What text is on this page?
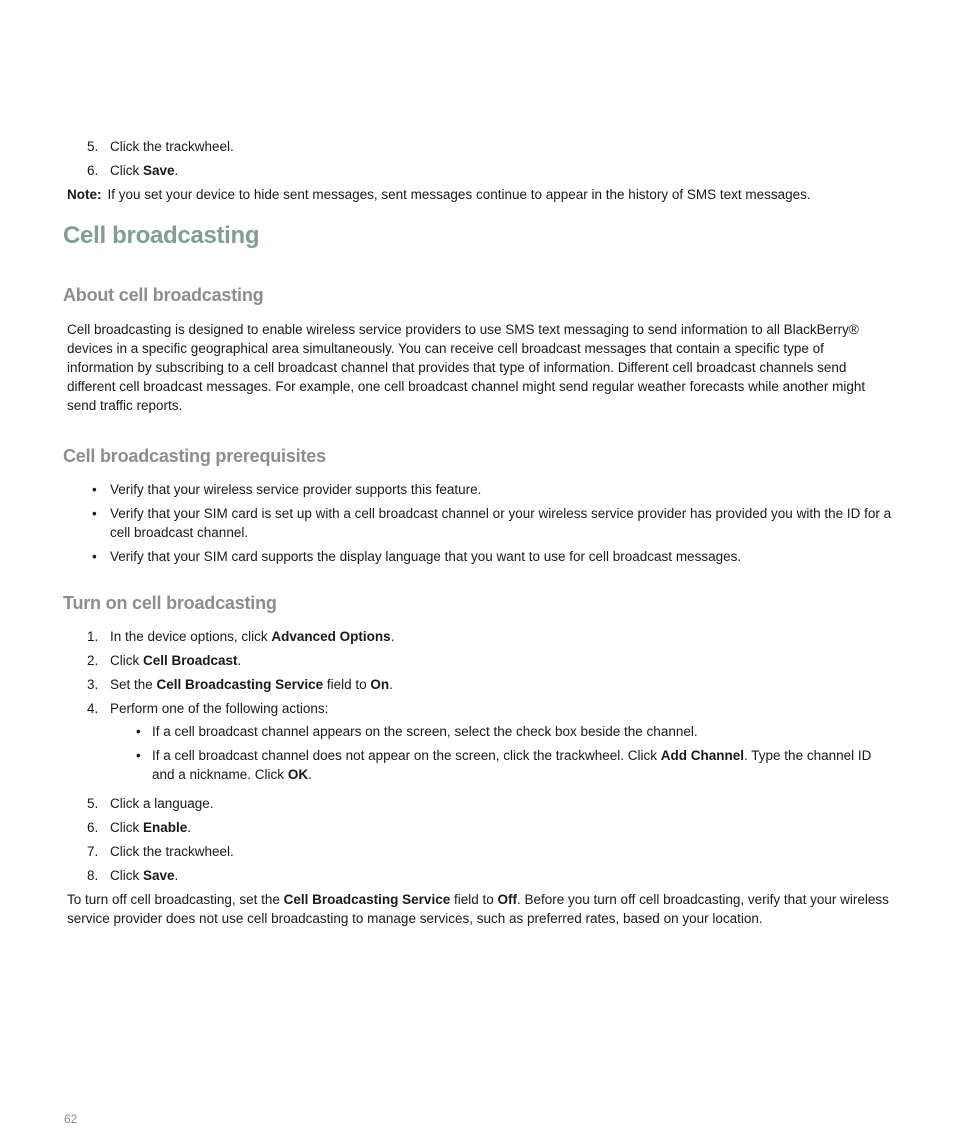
5. Click the trackwheel.
6. Click Save.
Note: If you set your device to hide sent messages, sent messages continue to appear in the history of SMS text messages.
Cell broadcasting
About cell broadcasting

Cell broadcasting is designed to enable wireless service providers to use SMS text messaging to send information to all BlackBerry® devices in a specific geographical area simultaneously. You can receive cell broadcast messages that contain a specific type of information by subscribing to a cell broadcast channel that provides that type of information. Different cell broadcast channels send different cell broadcast messages. For example, one cell broadcast channel might send regular weather forecasts while another might send traffic reports.

Cell broadcasting prerequisites
• Verify that your wireless service provider supports this feature.
• Verify that your SIM card is set up with a cell broadcast channel or your wireless service provider has provided you with the ID for a cell broadcast channel.
• Verify that your SIM card supports the display language that you want to use for cell broadcast messages.
Turn on cell broadcasting
1. In the device options, click Advanced Options.
2. Click Cell Broadcast.
3. Set the Cell Broadcasting Service field to On.
4. Perform one of the following actions:
• If a cell broadcast channel appears on the screen, select the check box beside the channel.
• If a cell broadcast channel does not appear on the screen, click the trackwheel. Click Add Channel. Type the channel ID and a nickname. Click OK.
5. Click a language.
6. Click Enable.
7. Click the trackwheel.
8. Click Save.

To turn off cell broadcasting, set the Cell Broadcasting Service field to Off. Before you turn off cell broadcasting, verify that your wireless service provider does not use cell broadcasting to manage services, such as preferred rates, based on your location.

62
